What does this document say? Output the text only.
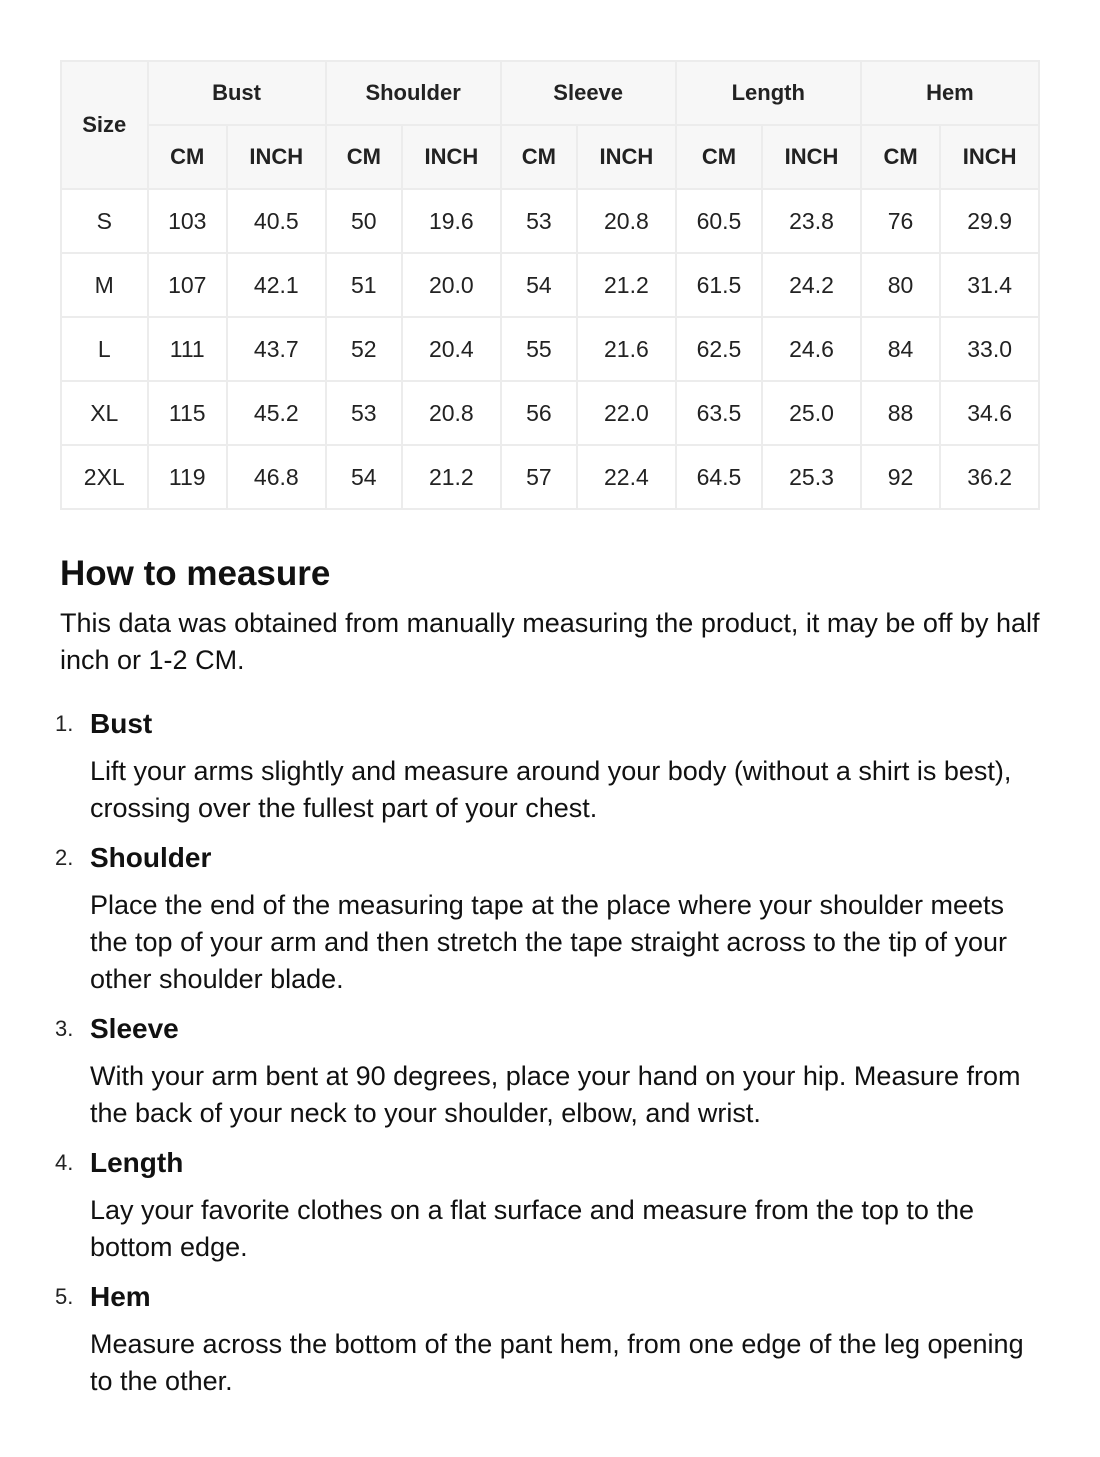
Size	Bust		Shoulder		Sleeve		Length		Hem	
	CM	INCH	CM	INCH	CM	INCH	CM	INCH	CM	INCH
S	103	40.5	50	19.6	53	20.8	60.5	23.8	76	29.9
M	107	42.1	51	20.0	54	21.2	61.5	24.2	80	31.4
L	111	43.7	52	20.4	55	21.6	62.5	24.6	84	33.0
XL	115	45.2	53	20.8	56	22.0	63.5	25.0	88	34.6
2XL	119	46.8	54	21.2	57	22.4	64.5	25.3	92	36.2
How to measure

This data was obtained from manually measuring the product, it may be off by half inch or 1-2 CM.

1. Bust
Lift your arms slightly and measure around your body (without a shirt is best), crossing over the fullest part of your chest.
2. Shoulder
Place the end of the measuring tape at the place where your shoulder meets the top of your arm and then stretch the tape straight across to the tip of your other shoulder blade.
3. Sleeve
With your arm bent at 90 degrees, place your hand on your hip. Measure from the back of your neck to your shoulder, elbow, and wrist.
4. Length
Lay your favorite clothes on a flat surface and measure from the top to the bottom edge.
5. Hem
Measure across the bottom of the pant hem, from one edge of the leg opening to the other.
